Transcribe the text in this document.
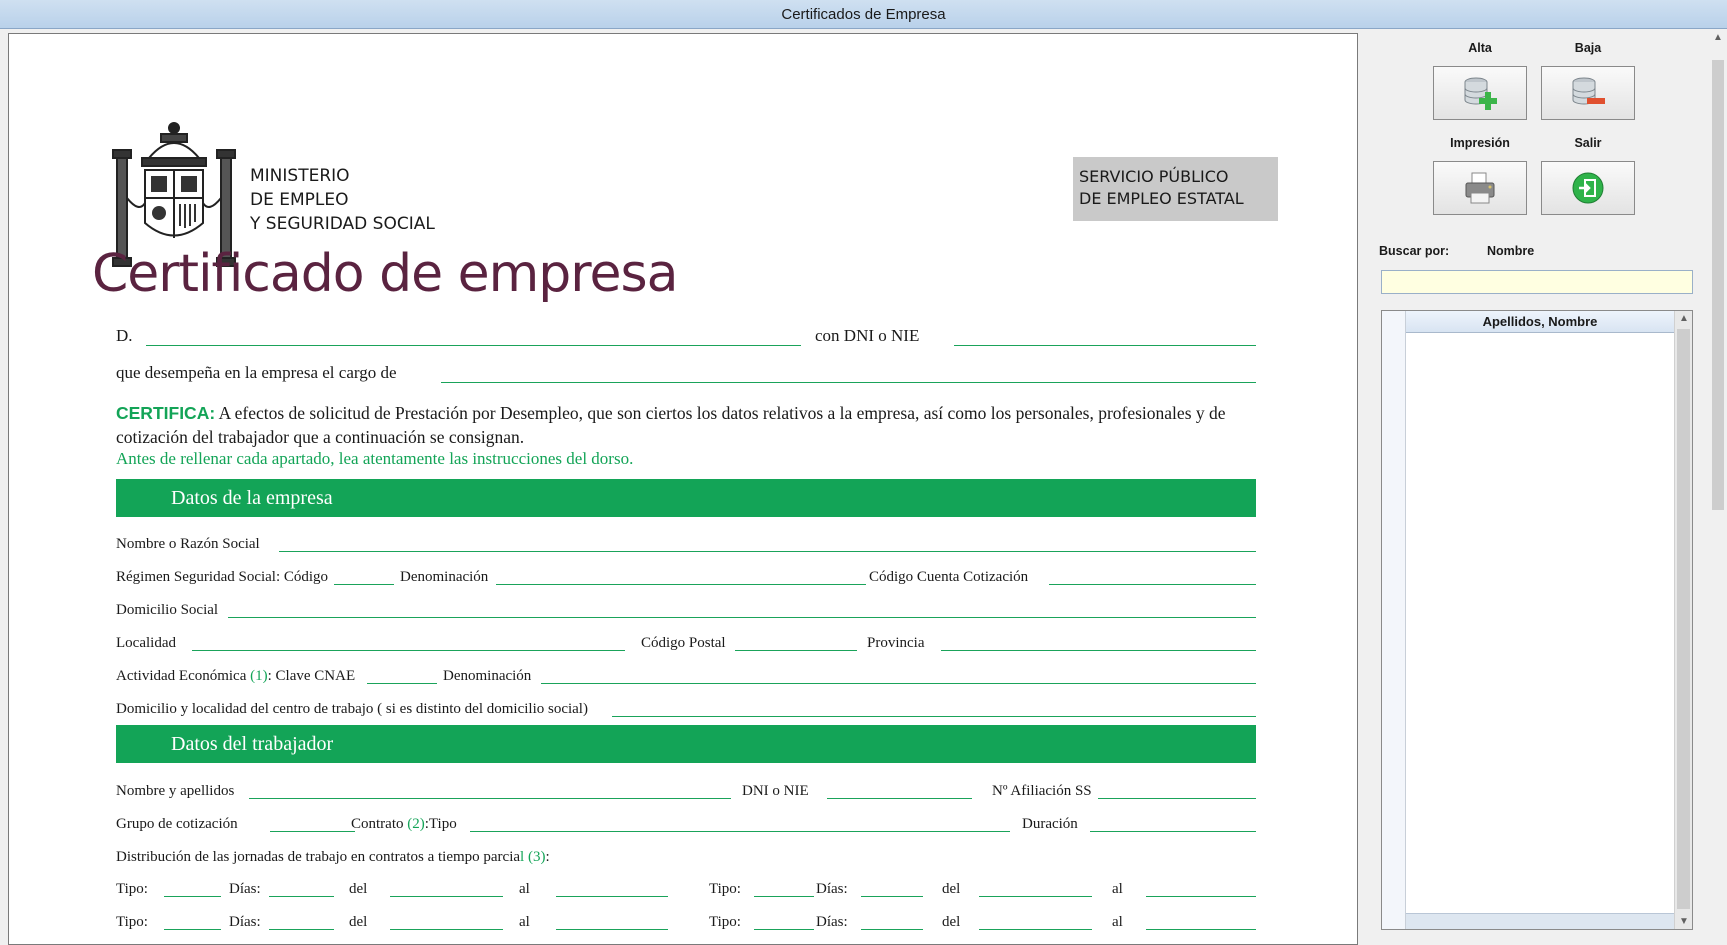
Certificados de Empresa
MINISTERIO
DE EMPLEO
Y SEGURIDAD SOCIAL
SERVICIO PÚBLICO
DE EMPLEO ESTATAL
Certificado de empresa
D.	con DNI o NIE
que desempeña en la empresa el cargo de
CERTIFICA: A efectos de solicitud de Prestación por Desempleo, que son ciertos los datos relativos a la empresa, así como los personales, profesionales y de cotización del trabajador que a continuación se consignan.
Antes de rellenar cada apartado, lea atentamente las instrucciones del dorso.
Datos de la empresa
Nombre o Razón Social
Régimen Seguridad Social: Código	Denominación	Código Cuenta Cotización
Domicilio Social
Localidad	Código Postal	Provincia
Actividad Económica (1): Clave CNAE	Denominación
Domicilio y localidad del centro de trabajo ( si es distinto del domicilio social)
Datos del trabajador
Nombre y apellidos	DNI o NIE	Nº Afiliación SS
Grupo de cotización	Contrato (2):Tipo	Duración
Distribución de las jornadas de trabajo en contratos a tiempo parcial (3):
Tipo:	Días:	del	al	Tipo:	Días:	del	al
Tipo:	Días:	del	al	Tipo:	Días:	del	al
Alta	Baja
Impresión	Salir
Buscar por:	Nombre
Apellidos, Nombre	▲
▼
▲
